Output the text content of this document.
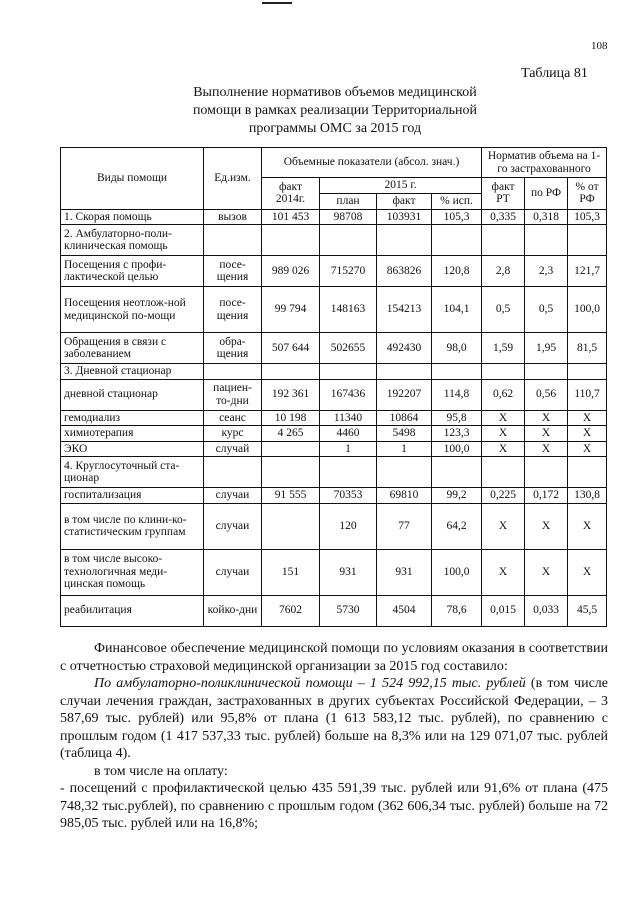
108
Таблица 81
Выполнение нормативов объемов медицинской
помощи в рамках реализации Территориальной
программы ОМС за 2015 год
Виды помощи	Ед.изм.	Объемные показатели (абсол. знач.)				Норматив объема на 1-го застрахованного		
		факт 2014г.	2015 г.			факт РТ	по РФ	% от РФ
			план	факт	% исп.			
1. Скорая помощь	вызов	101 453	98708	103931	105,3	0,335	0,318	105,3
2. Амбулаторно-поли-клиническая помощь								
Посещения с профи-лактической целью	посе-щения	989 026	715270	863826	120,8	2,8	2,3	121,7
Посещения неотлож-ной медицинской по-мощи	посе-щения	99 794	148163	154213	104,1	0,5	0,5	100,0
Обращения в связи с заболеванием	обра-щения	507 644	502655	492430	98,0	1,59	1,95	81,5
3. Дневной стационар								
дневной стационар	пациен-то-дни	192 361	167436	192207	114,8	0,62	0,56	110,7
гемодиализ	сеанс	10 198	11340	10864	95,8	Х	Х	Х
химиотерапия	курс	4 265	4460	5498	123,3	Х	Х	Х
ЭКО	случай		1	1	100,0	Х	Х	Х
4. Круглосуточный ста-ционар								
госпитализация	случаи	91 555	70353	69810	99,2	0,225	0,172	130,8
в том числе по клини-ко-статистическим группам	случаи		120	77	64,2	Х	Х	Х
в том числе высоко-технологичная меди-цинская помощь	случаи	151	931	931	100,0	Х	Х	Х
реабилитация	койко-дни	7602	5730	4504	78,6	0,015	0,033	45,5

Финансовое обеспечение медицинской помощи по условиям оказания в соответствии с отчетностью страховой медицинской организации за 2015 год составило:

По амбулаторно-поликлинической помощи – 1 524 992,15 тыс. рублей (в том числе случаи лечения граждан, застрахованных в других субъектах Российской Федерации, – 3 587,69 тыс. рублей) или 95,8% от плана (1 613 583,12 тыс. рублей), по сравнению с прошлым годом (1 417 537,33 тыс. рублей) больше на 8,3% или на 129 071,07 тыс. рублей (таблица 4).

в том числе на оплату:

- посещений с профилактической целью 435 591,39 тыс. рублей или 91,6% от плана (475 748,32 тыс.рублей), по сравнению с прошлым годом (362 606,34 тыс. рублей) больше на 72 985,05 тыс. рублей или на 16,8%;
